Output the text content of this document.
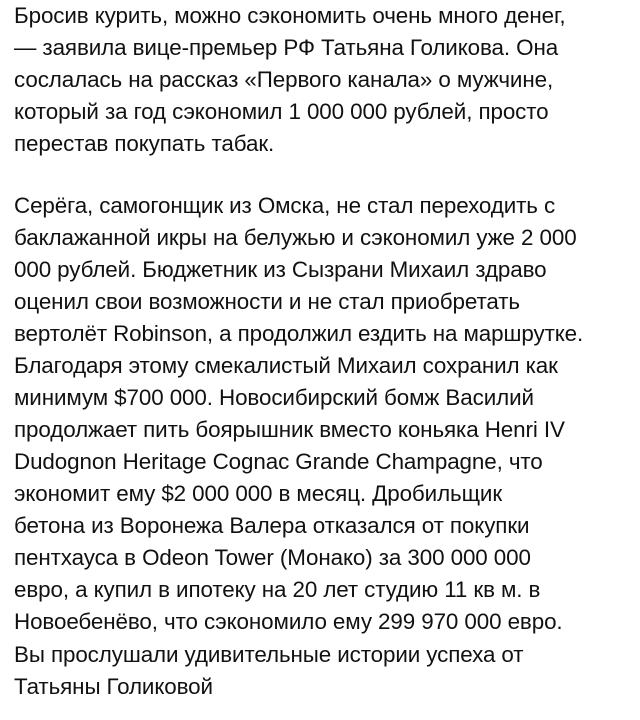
Бросив курить, можно сэкономить очень много денег,
— заявила вице-премьер РФ Татьяна Голикова. Она
сослалась на рассказ «Первого канала» о мужчине,
который за год сэкономил 1 000 000 рублей, просто
перестав покупать табак.

Серёга, самогонщик из Омска, не стал переходить с
баклажанной икры на белужью и сэкономил уже 2 000
000 рублей. Бюджетник из Сызрани Михаил здраво
оценил свои возможности и не стал приобретать
вертолёт Robinson, а продолжил ездить на маршрутке.
Благодаря этому смекалистый Михаил сохранил как
минимум $700 000. Новосибирский бомж Василий
продолжает пить боярышник вместо коньяка Henri IV
Dudognon Heritage Cognac Grande Champagne, что
экономит ему $2 000 000 в месяц. Дробильщик
бетона из Воронежа Валера отказался от покупки
пентхауса в Odeon Tower (Монако) за 300 000 000
евро, а купил в ипотеку на 20 лет студию 11 кв м. в
Новоебенёво, что сэкономило ему 299 970 000 евро.

Вы прослушали удивительные истории успеха от
Татьяны Голиковой
